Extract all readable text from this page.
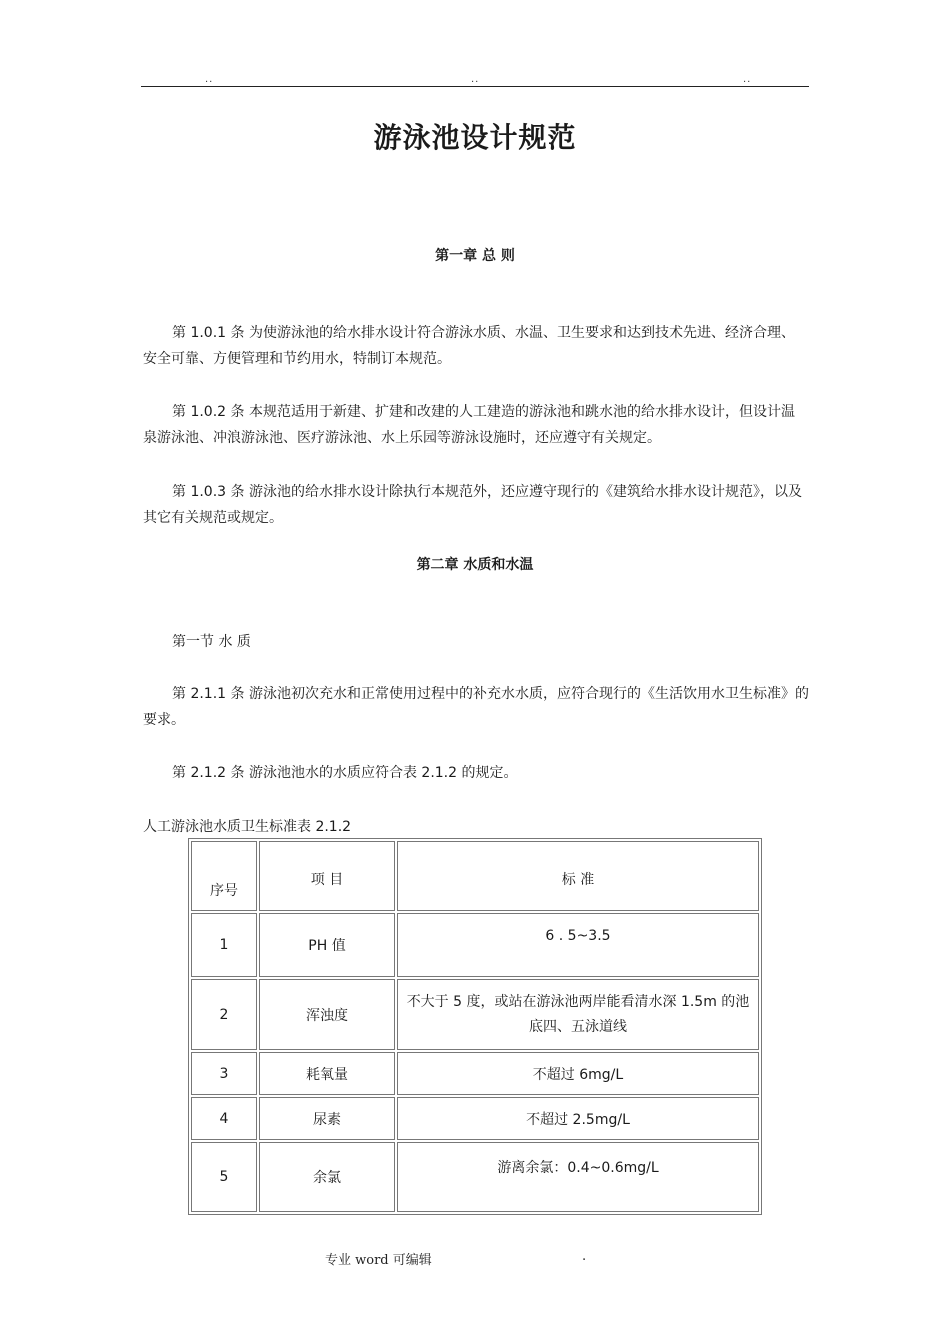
..	..	..
游泳池设计规范
第一章 总 则
第 1.0.1 条 为使游泳池的给水排水设计符合游泳水质、水温、卫生要求和达到技术先进、经济合理、
安全可靠、方便管理和节约用水，特制订本规范。
第 1.0.2 条 本规范适用于新建、扩建和改建的人工建造的游泳池和跳水池的给水排水设计，但设计温
泉游泳池、冲浪游泳池、医疗游泳池、水上乐园等游泳设施时，还应遵守有关规定。
第 1.0.3 条 游泳池的给水排水设计除执行本规范外，还应遵守现行的《建筑给水排水设计规范》，以及
其它有关规范或规定。
第二章 水质和水温
第一节 水 质
第 2.1.1 条 游泳池初次充水和正常使用过程中的补充水水质，应符合现行的《生活饮用水卫生标准》的
要求。
第 2.1.2 条 游泳池池水的水质应符合表 2.1.2 的规定。
人工游泳池水质卫生标准表 2.1.2
序号	项 目	标 准
1	PH 值	6 . 5~3.5
2	浑浊度	不大于 5 度，或站在游泳池两岸能看清水深 1.5m 的池底四、五泳道线
3	耗氧量	不超过 6mg/L
4	尿素	不超过 2.5mg/L
5	余氯	游离余氯：0.4~0.6mg/L
专业 word 可编辑	.
